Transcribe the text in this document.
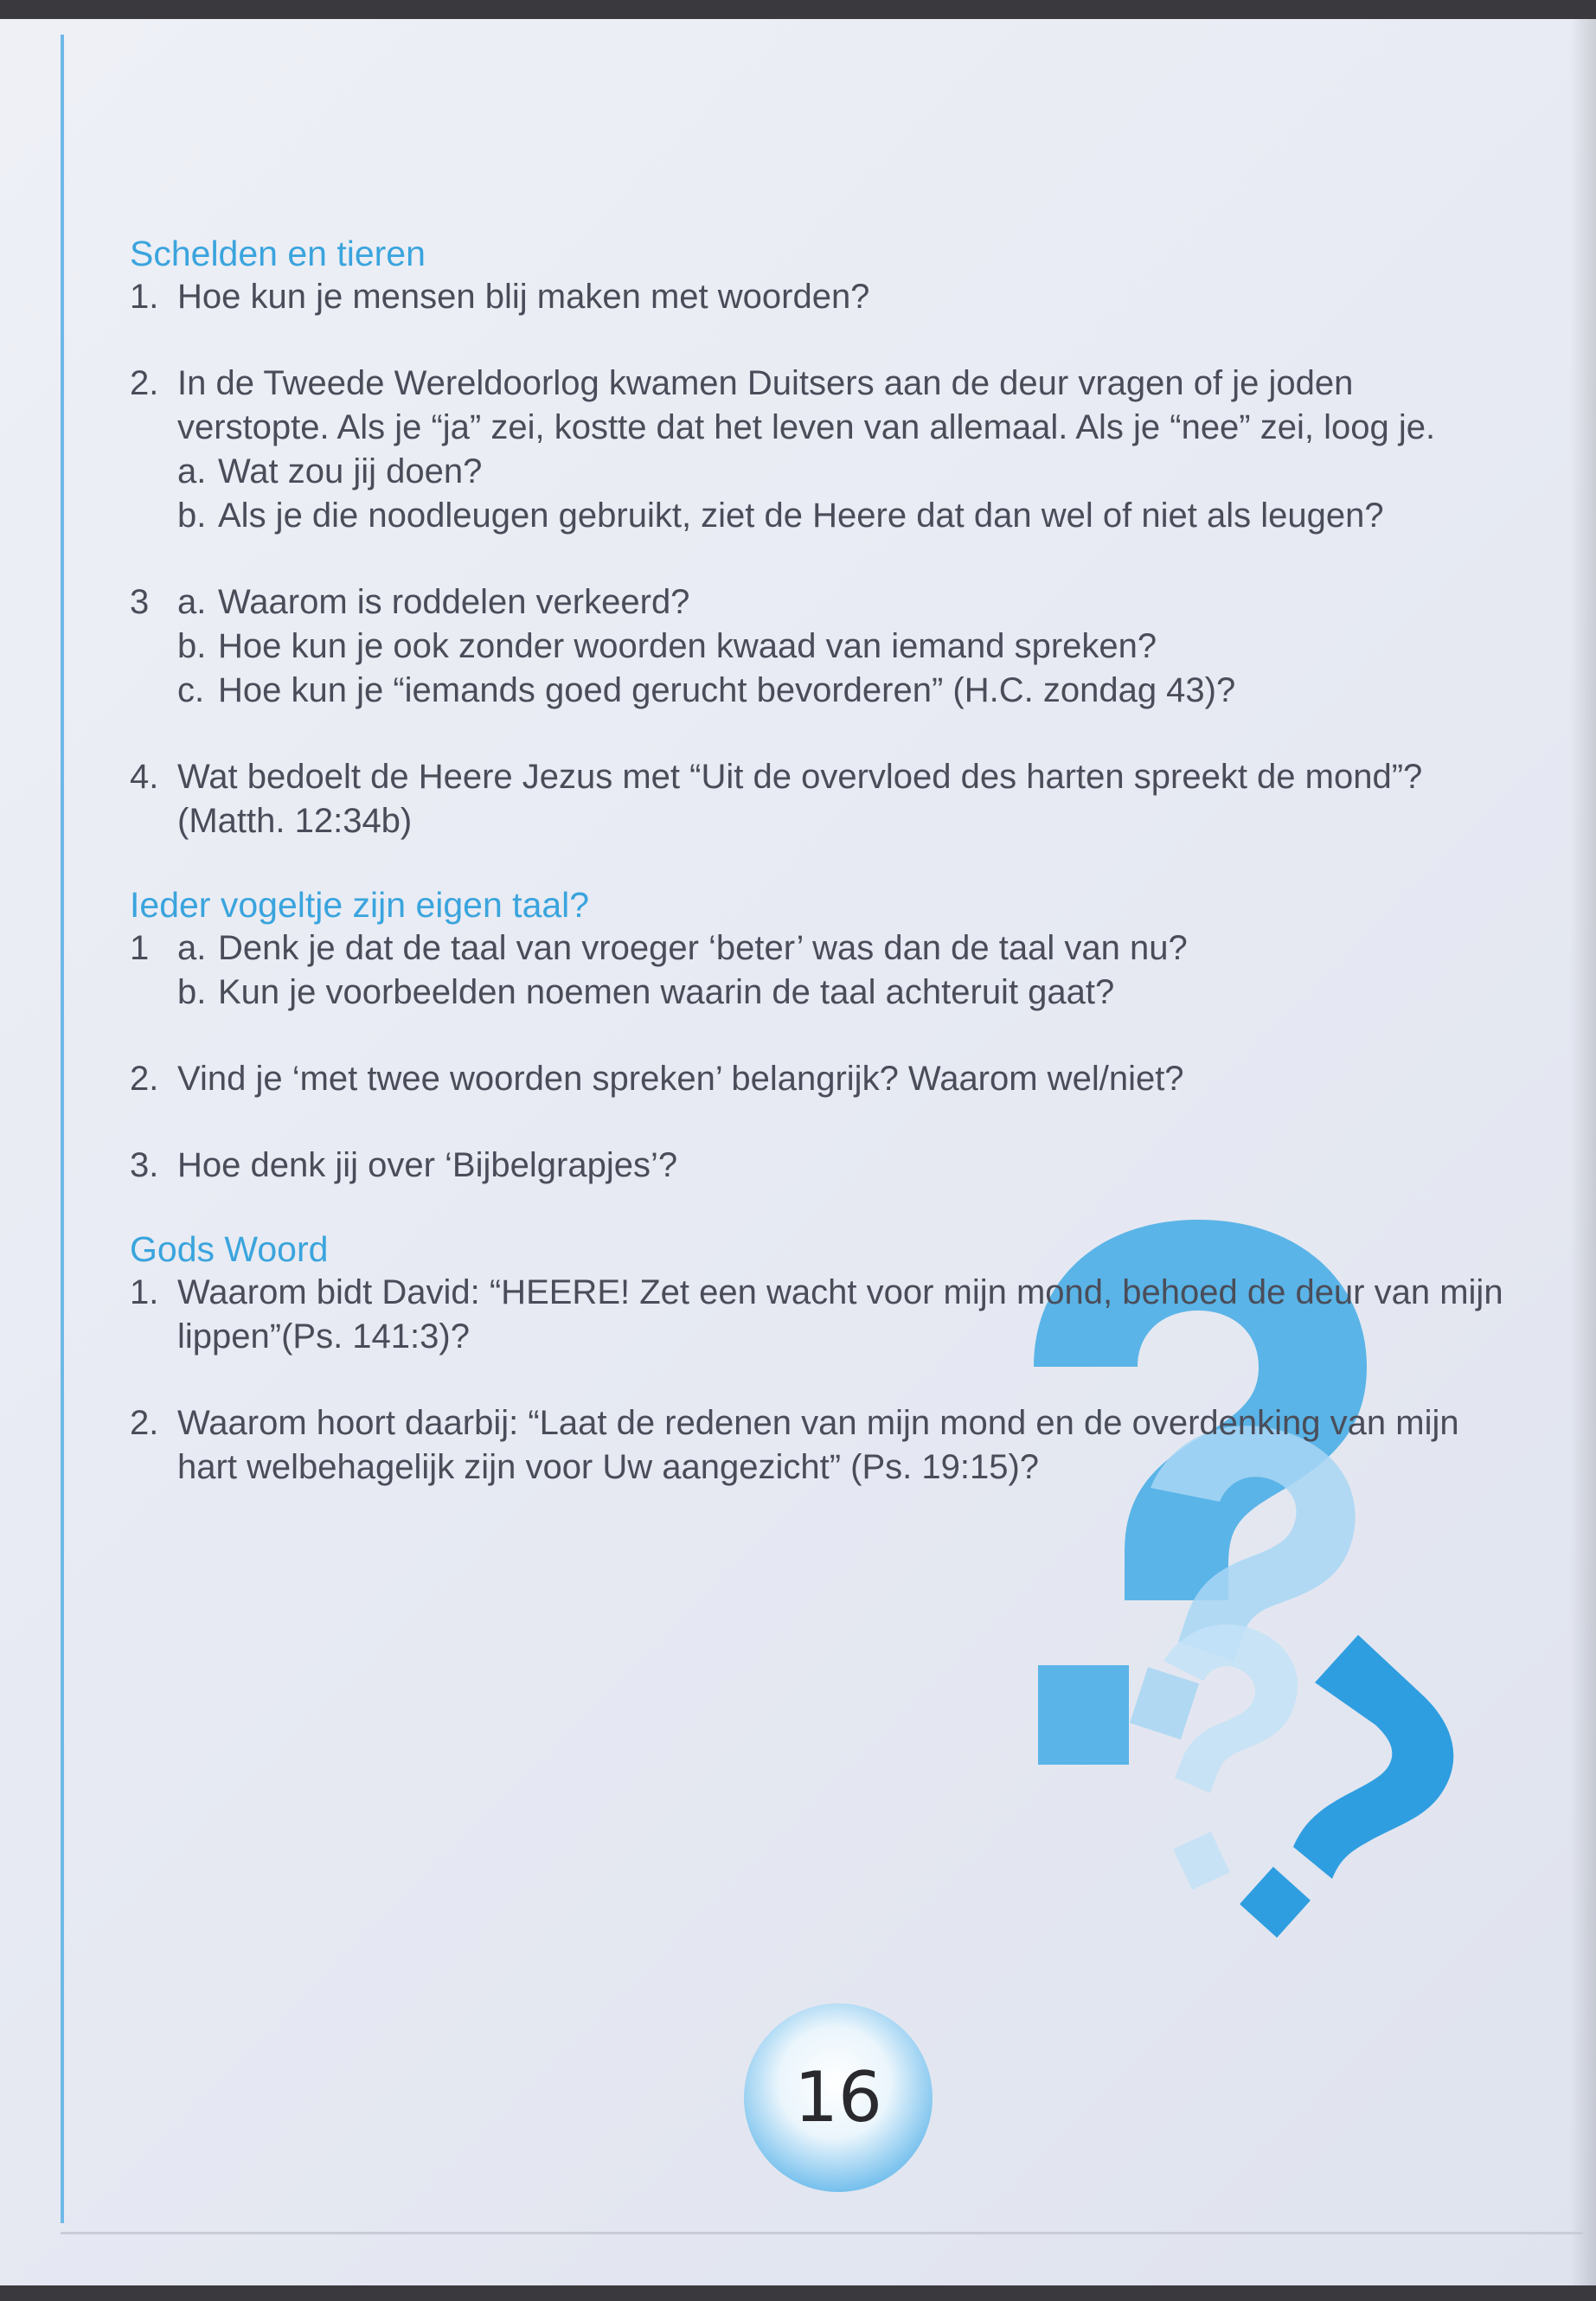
Schelden en tieren
1. Hoe kun je mensen blij maken met woorden?
2. In de Tweede Wereldoorlog kwamen Duitsers aan de deur vragen of je joden verstopte. Als je “ja” zei, kostte dat het leven van allemaal. Als je “nee” zei, loog je.
a. Wat zou jij doen?
b. Als je die noodleugen gebruikt, ziet de Heere dat dan wel of niet als leugen?
3 a. Waarom is roddelen verkeerd?
b. Hoe kun je ook zonder woorden kwaad van iemand spreken?
c. Hoe kun je “iemands goed gerucht bevorderen” (H.C. zondag 43)?
4. Wat bedoelt de Heere Jezus met “Uit de overvloed des harten spreekt de mond”? (Matth. 12:34b)
Ieder vogeltje zijn eigen taal?
1 a. Denk je dat de taal van vroeger ‘beter’ was dan de taal van nu?
b. Kun je voorbeelden noemen waarin de taal achteruit gaat?
2. Vind je ‘met twee woorden spreken’ belangrijk? Waarom wel/niet?
3. Hoe denk jij over ‘Bijbelgrapjes’?
Gods Woord
1. Waarom bidt David: “HEERE! Zet een wacht voor mijn mond, behoed de deur van mijn lippen”(Ps. 141:3)?
2. Waarom hoort daarbij: “Laat de redenen van mijn mond en de overdenking van mijn hart welbehagelijk zijn voor Uw aangezicht” (Ps. 19:15)?
16
